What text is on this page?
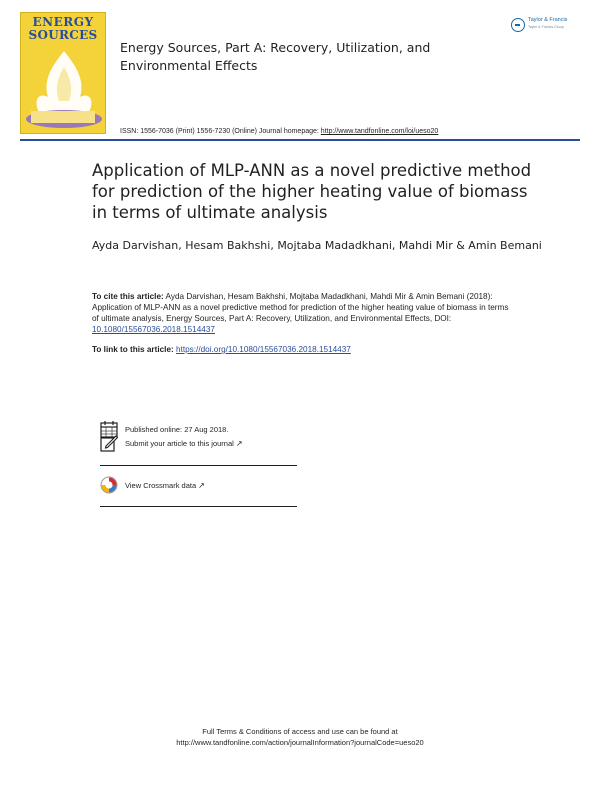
ENERGY
SOURCES
Energy Sources, Part A: Recovery, Utilization, and Environmental Effects
Taylor & Francis
Taylor & Francis Group
ISSN: 1556-7036 (Print) 1556-7230 (Online) Journal homepage: http://www.tandfonline.com/loi/ueso20
Application of MLP-ANN as a novel predictive method for prediction of the higher heating value of biomass in terms of ultimate analysis
Ayda Darvishan, Hesam Bakhshi, Mojtaba Madadkhani, Mahdi Mir & Amin Bemani
To cite this article: Ayda Darvishan, Hesam Bakhshi, Mojtaba Madadkhani, Mahdi Mir & Amin Bemani (2018): Application of MLP-ANN as a novel predictive method for prediction of the higher heating value of biomass in terms of ultimate analysis, Energy Sources, Part A: Recovery, Utilization, and Environmental Effects, DOI: 10.1080/15567036.2018.1514437
To link to this article: https://doi.org/10.1080/15567036.2018.1514437
Published online: 27 Aug 2018.
Submit your article to this journal ↗
View Crossmark data ↗
Full Terms & Conditions of access and use can be found at
http://www.tandfonline.com/action/journalInformation?journalCode=ueso20
